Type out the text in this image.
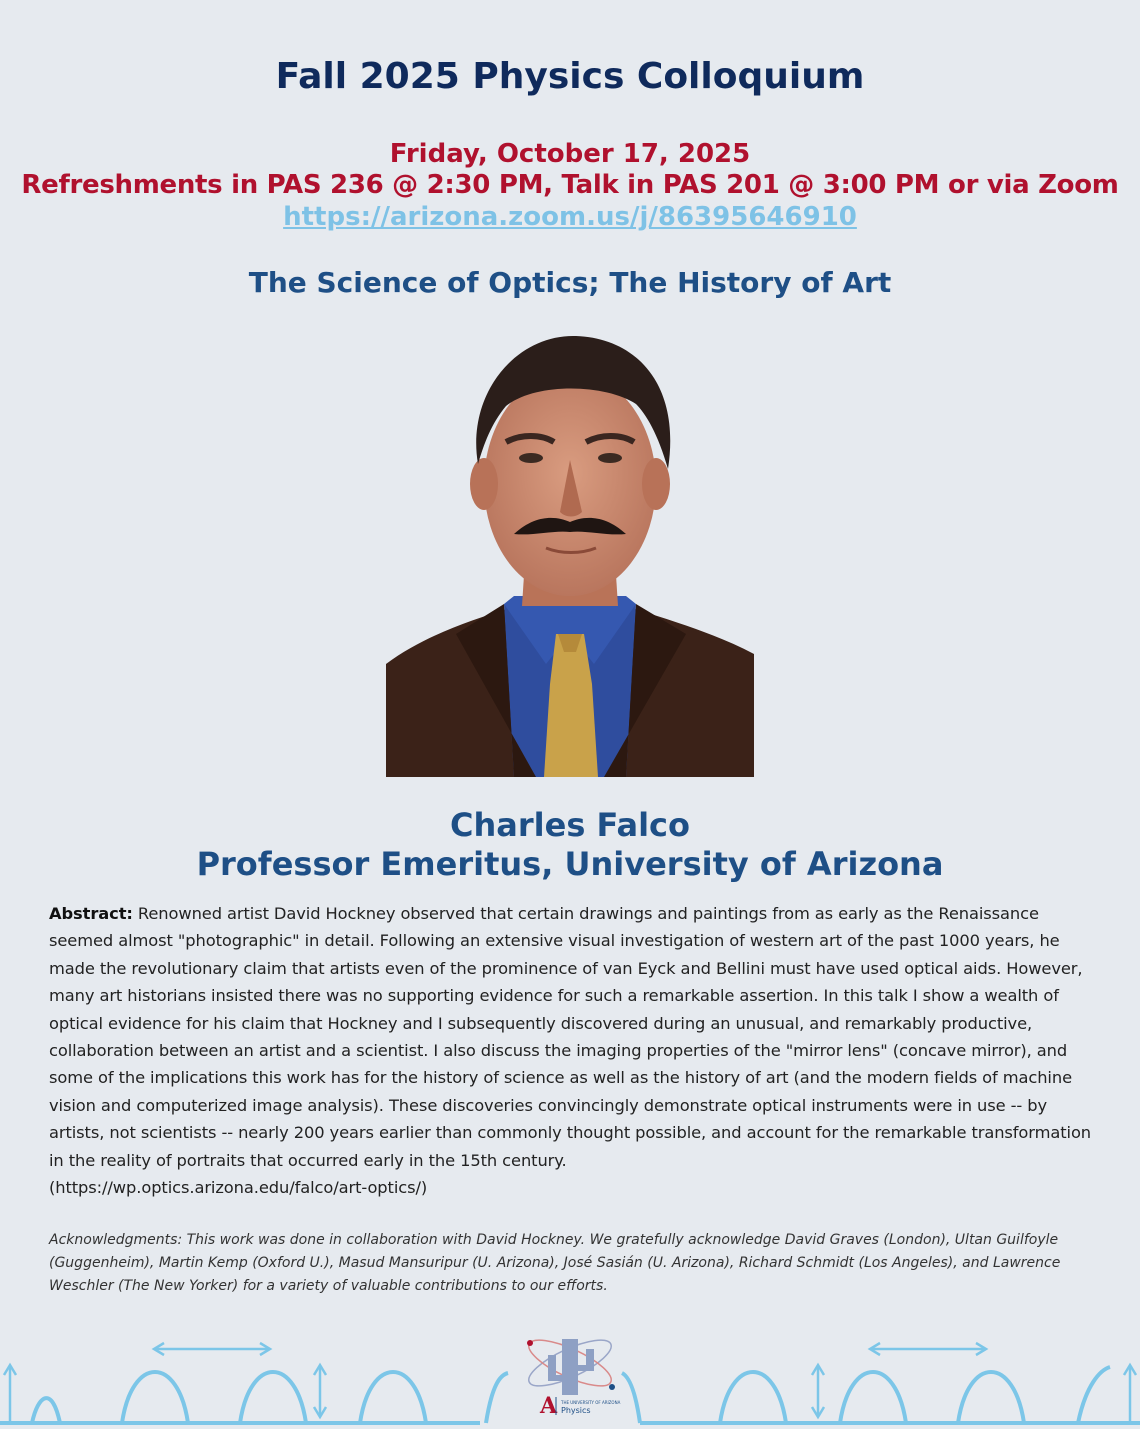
Fall 2025 Physics Colloquium
Friday, October 17, 2025
Refreshments in PAS 236 @ 2:30 PM, Talk in PAS 201 @ 3:00 PM or via Zoom
https://arizona.zoom.us/j/86395646910
The Science of Optics; The History of Art
Charles Falco
Professor Emeritus, University of Arizona
Abstract: Renowned artist David Hockney observed that certain drawings and paintings from as early as the Renaissance seemed almost "photographic" in detail. Following an extensive visual investigation of western art of the past 1000 years, he made the revolutionary claim that artists even of the prominence of van Eyck and Bellini must have used optical aids. However, many art historians insisted there was no supporting evidence for such a remarkable assertion. In this talk I show a wealth of optical evidence for his claim that Hockney and I subsequently discovered during an unusual, and remarkably productive, collaboration between an artist and a scientist. I also discuss the imaging properties of the "mirror lens" (concave mirror), and some of the implications this work has for the history of science as well as the history of art (and the modern fields of machine vision and computerized image analysis). These discoveries convincingly demonstrate optical instruments were in use -- by artists, not scientists -- nearly 200 years earlier than commonly thought possible, and account for the remarkable transformation in the reality of portraits that occurred early in the 15th century.
(https://wp.optics.arizona.edu/falco/art-optics/)
Acknowledgments: This work was done in collaboration with David Hockney. We gratefully acknowledge David Graves (London), Ultan Guilfoyle (Guggenheim), Martin Kemp (Oxford U.), Masud Mansuripur (U. Arizona), José Sasián (U. Arizona), Richard Schmidt (Los Angeles), and Lawrence Weschler (The New Yorker) for a variety of valuable contributions to our efforts.
A THE UNIVERSITY OF ARIZONA
Physics
